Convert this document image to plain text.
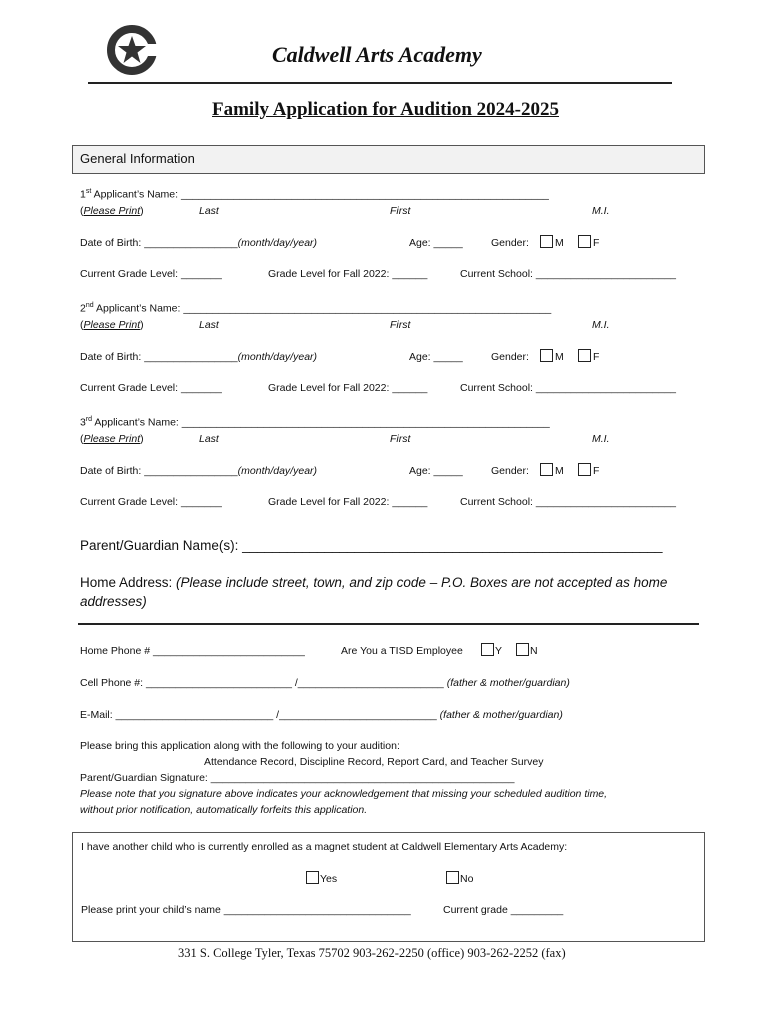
Caldwell Arts Academy
Family Application for Audition 2024-2025
General Information
1st Applicant’s Name: _______________________________________________________________
(Please Print)	Last	First	M.I.
Date of Birth: ________________(month/day/year)	Age: _____	Gender: M	F
Current Grade Level: _______	Grade Level for Fall 2022: ______	Current School: ________________________
2nd Applicant’s Name: _______________________________________________________________
(Please Print)	Last	First	M.I.
Date of Birth: ________________(month/day/year)	Age: _____	Gender: M	F
Current Grade Level: _______	Grade Level for Fall 2022: ______	Current School: ________________________
3rd Applicant’s Name: _______________________________________________________________
(Please Print)	Last	First	M.I.
Date of Birth: ________________(month/day/year)	Age: _____	Gender: M	F
Current Grade Level: _______	Grade Level for Fall 2022: ______	Current School: ________________________
Parent/Guardian Name(s): ________________________________________________________
Home Address: (Please include street, town, and zip code – P.O. Boxes are not accepted as home
addresses)
Home Phone # __________________________	Are You a TISD Employee	Y	N
Cell Phone #: _________________________ /_________________________ (father & mother/guardian)
E-Mail: ___________________________ /___________________________ (father & mother/guardian)
Please bring this application along with the following to your audition:
Attendance Record, Discipline Record, Report Card, and Teacher Survey
Parent/Guardian Signature: ____________________________________________________
Please note that you signature above indicates your acknowledgement that missing your scheduled audition time,
without prior notification, automatically forfeits this application.
I have another child who is currently enrolled as a magnet student at Caldwell Elementary Arts Academy:
Yes	No
Please print your child’s name ________________________________	Current grade _________
331 S. College Tyler, Texas 75702 903-262-2250 (office) 903-262-2252 (fax)
